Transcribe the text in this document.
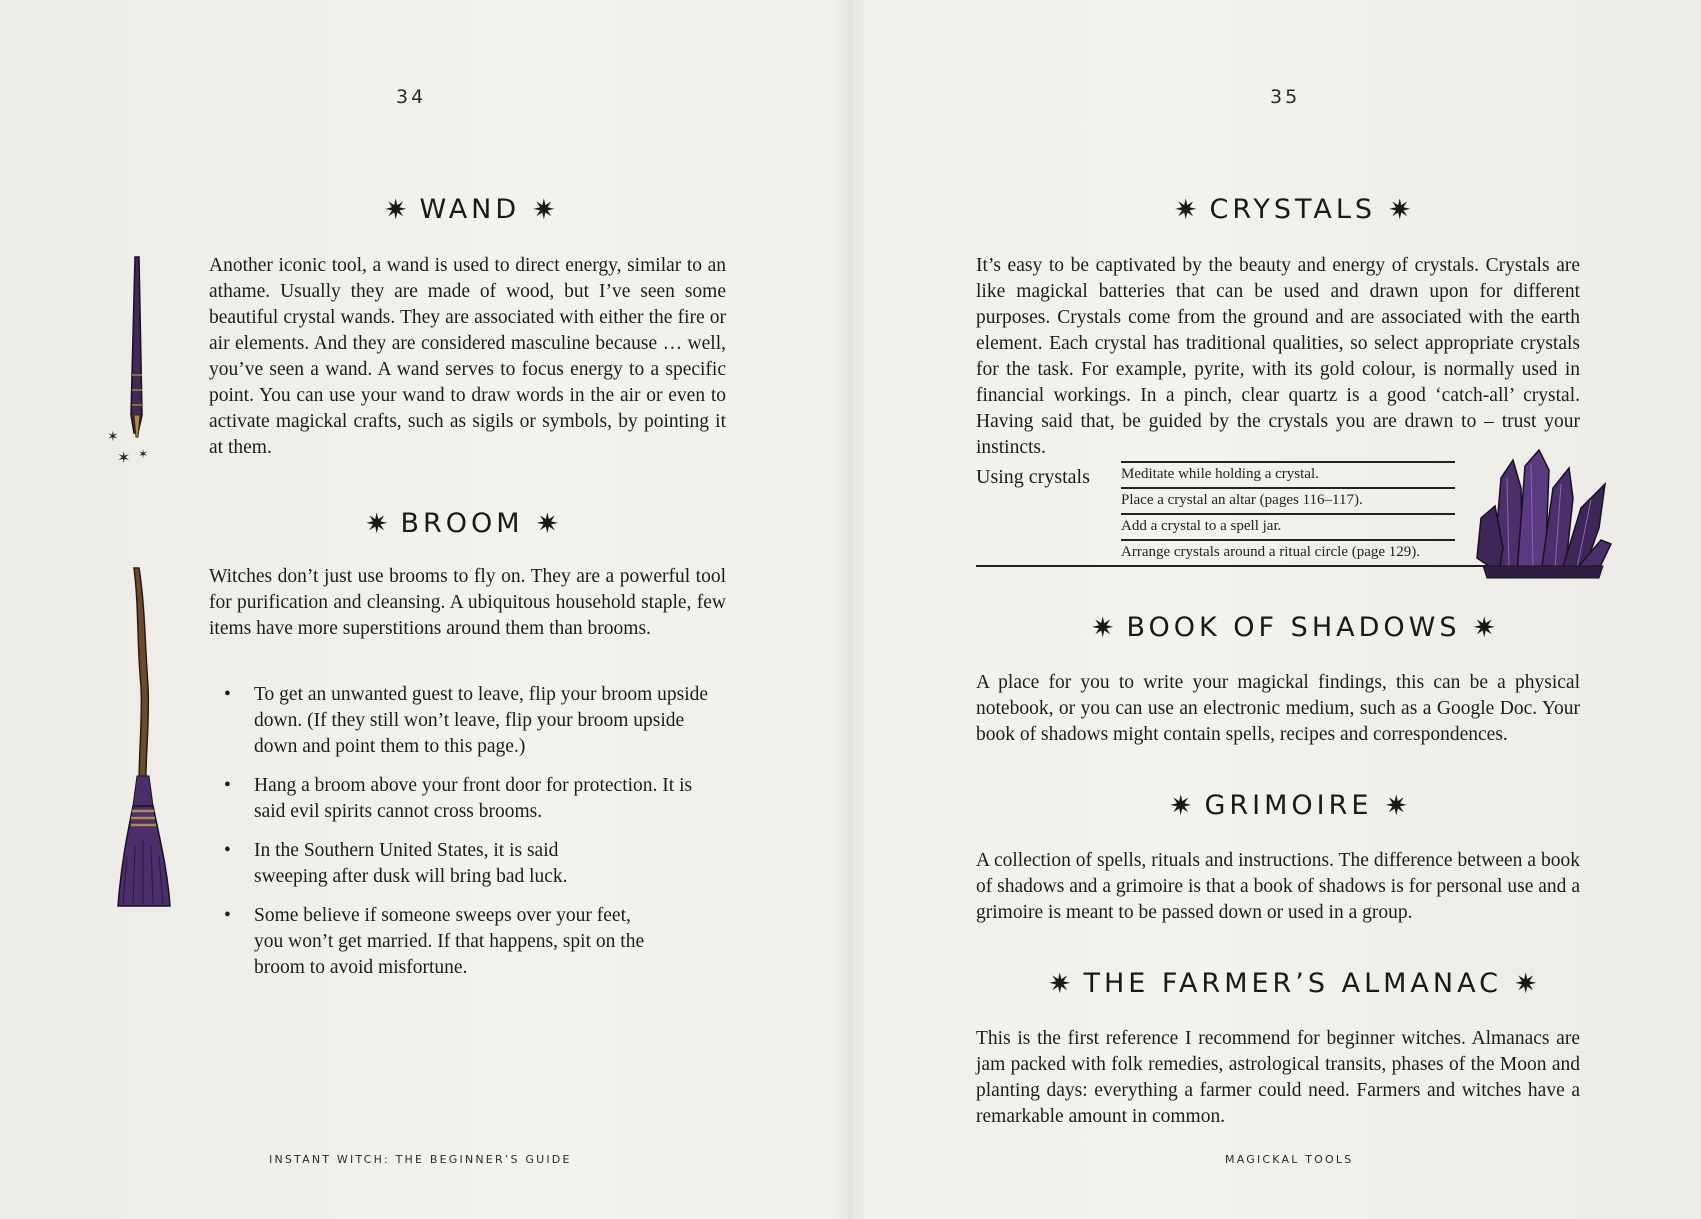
34
✷ WAND ✷
✶
✶ ✶

Another iconic tool, a wand is used to direct energy, similar to an athame. Usually they are made of wood, but I’ve seen some beautiful crystal wands. They are associated with either the fire or air elements. And they are considered masculine because … well, you’ve seen a wand. A wand serves to focus energy to a specific point. You can use your wand to draw words in the air or even to activate magickal crafts, such as sigils or symbols, by pointing it at them.

✷ BROOM ✷

Witches don’t just use brooms to fly on. They are a powerful tool for purification and cleansing. A ubiquitous household staple, few items have more superstitions around them than brooms.

• To get an unwanted guest to leave, flip your broom upside down. (If they still won’t leave, flip your broom upside down and point them to this page.)
• Hang a broom above your front door for protection. It is said evil spirits cannot cross brooms.
• In the Southern United States, it is said sweeping after dusk will bring bad luck.
• Some believe if someone sweeps over your feet, you won’t get married. If that happens, spit on the broom to avoid misfortune.
INSTANT WITCH: THE BEGINNER’S GUIDE
35
✷ CRYSTALS ✷

It’s easy to be captivated by the beauty and energy of crystals. Crystals are like magickal batteries that can be used and drawn upon for different purposes. Crystals come from the ground and are associated with the earth element. Each crystal has traditional qualities, so select appropriate crystals for the task. For example, pyrite, with its gold colour, is normally used in financial workings. In a pinch, clear quartz is a good ‘catch-all’ crystal. Having said that, be guided by the crystals you are drawn to – trust your instincts.

Using crystals Meditate while holding a crystal.
Place a crystal an altar (pages 116–117).
Add a crystal to a spell jar.
Arrange crystals around a ritual circle (page 129).
✷ BOOK OF SHADOWS ✷

A place for you to write your magickal findings, this can be a physical notebook, or you can use an electronic medium, such as a Google Doc. Your book of shadows might contain spells, recipes and correspondences.

✷ GRIMOIRE ✷

A collection of spells, rituals and instructions. The difference between a book of shadows and a grimoire is that a book of shadows is for personal use and a grimoire is meant to be passed down or used in a group.

✷ THE FARMER’S ALMANAC ✷

This is the first reference I recommend for beginner witches. Almanacs are jam packed with folk remedies, astrological transits, phases of the Moon and planting days: everything a farmer could need. Farmers and witches have a remarkable amount in common.

MAGICKAL TOOLS
